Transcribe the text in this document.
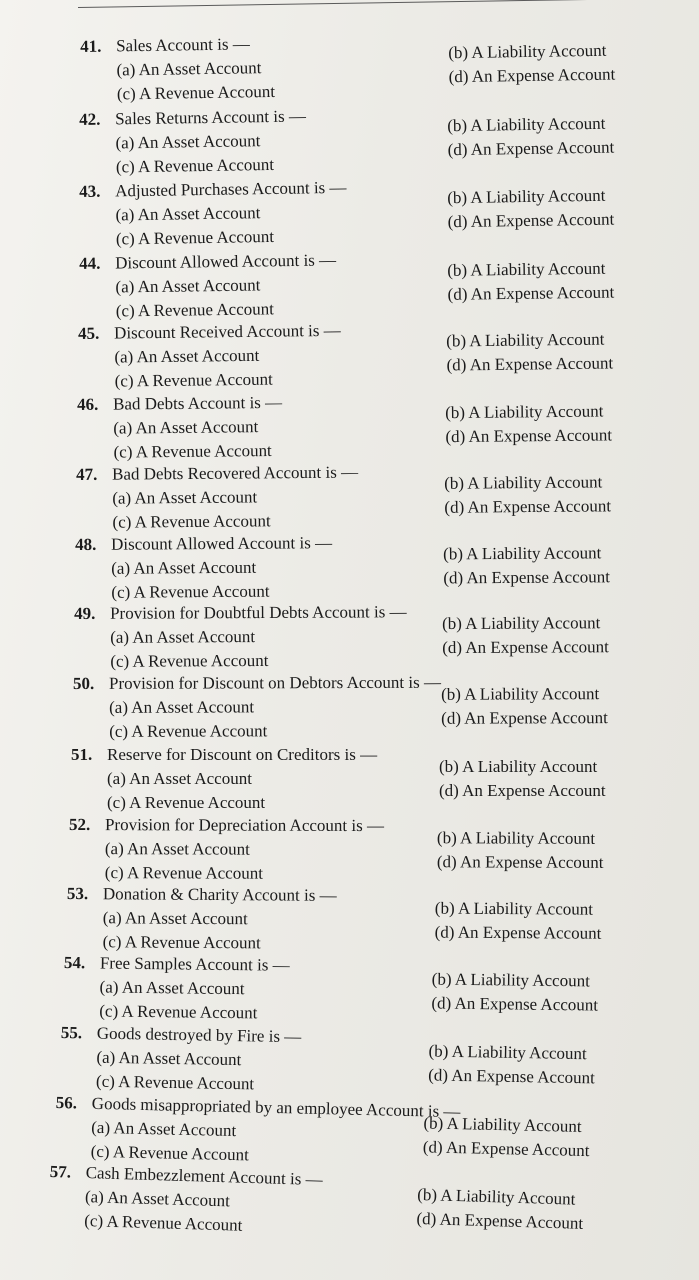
41. Sales Account is —
(a) An Asset Account
(b) A Liability Account
(c) A Revenue Account
(d) An Expense Account
42. Sales Returns Account is —
(a) An Asset Account
(b) A Liability Account
(c) A Revenue Account
(d) An Expense Account
43. Adjusted Purchases Account is —
(a) An Asset Account
(b) A Liability Account
(c) A Revenue Account
(d) An Expense Account
44. Discount Allowed Account is —
(a) An Asset Account
(b) A Liability Account
(c) A Revenue Account
(d) An Expense Account
45. Discount Received Account is —
(a) An Asset Account
(b) A Liability Account
(c) A Revenue Account
(d) An Expense Account
46. Bad Debts Account is —
(a) An Asset Account
(b) A Liability Account
(c) A Revenue Account
(d) An Expense Account
47. Bad Debts Recovered Account is —
(a) An Asset Account
(b) A Liability Account
(c) A Revenue Account
(d) An Expense Account
48. Discount Allowed Account is —
(a) An Asset Account
(b) A Liability Account
(c) A Revenue Account
(d) An Expense Account
49. Provision for Doubtful Debts Account is —
(a) An Asset Account
(b) A Liability Account
(c) A Revenue Account
(d) An Expense Account
50. Provision for Discount on Debtors Account is —
(a) An Asset Account
(b) A Liability Account
(c) A Revenue Account
(d) An Expense Account
51. Reserve for Discount on Creditors is —
(a) An Asset Account
(b) A Liability Account
(c) A Revenue Account
(d) An Expense Account
52. Provision for Depreciation Account is —
(a) An Asset Account
(b) A Liability Account
(c) A Revenue Account
(d) An Expense Account
53. Donation & Charity Account is —
(a) An Asset Account	(b) A Liability Account
(c) A Revenue Account	(d) An Expense Account
54. Free Samples Account is —
(a) An Asset Account	(b) A Liability Account
(c) A Revenue Account	(d) An Expense Account
55. Goods destroyed by Fire is —
(a) An Asset Account	(b) A Liability Account
(c) A Revenue Account	(d) An Expense Account
56. Goods misappropriated by an employee Account is —
(a) An Asset Account	(b) A Liability Account
(c) A Revenue Account	(d) An Expense Account
57. Cash Embezzlement Account is —
(a) An Asset Account	(b) A Liability Account
(c) A Revenue Account	(d) An Expense Account
